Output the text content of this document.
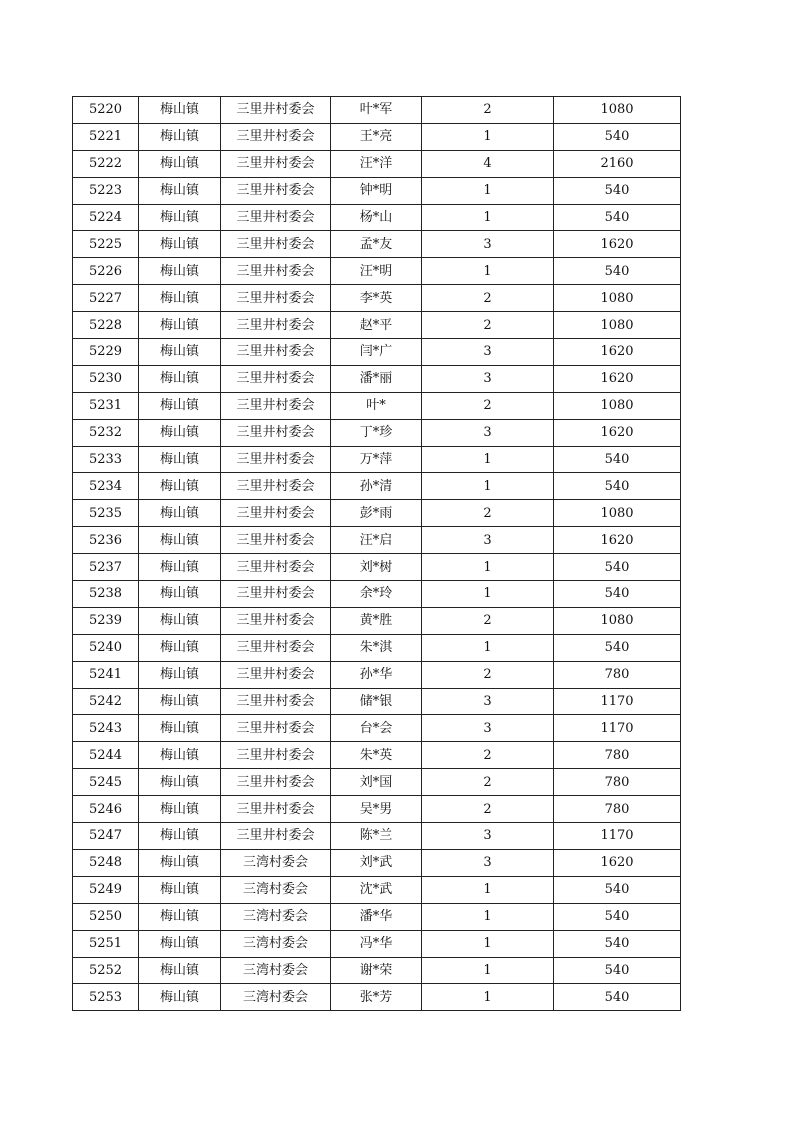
5220	梅山镇	三里井村委会	叶*军	2	1080
5221	梅山镇	三里井村委会	王*亮	1	540
5222	梅山镇	三里井村委会	汪*洋	4	2160
5223	梅山镇	三里井村委会	钟*明	1	540
5224	梅山镇	三里井村委会	杨*山	1	540
5225	梅山镇	三里井村委会	孟*友	3	1620
5226	梅山镇	三里井村委会	汪*明	1	540
5227	梅山镇	三里井村委会	李*英	2	1080
5228	梅山镇	三里井村委会	赵*平	2	1080
5229	梅山镇	三里井村委会	闫*广	3	1620
5230	梅山镇	三里井村委会	潘*丽	3	1620
5231	梅山镇	三里井村委会	叶*	2	1080
5232	梅山镇	三里井村委会	丁*珍	3	1620
5233	梅山镇	三里井村委会	万*萍	1	540
5234	梅山镇	三里井村委会	孙*清	1	540
5235	梅山镇	三里井村委会	彭*雨	2	1080
5236	梅山镇	三里井村委会	汪*启	3	1620
5237	梅山镇	三里井村委会	刘*树	1	540
5238	梅山镇	三里井村委会	余*玲	1	540
5239	梅山镇	三里井村委会	黄*胜	2	1080
5240	梅山镇	三里井村委会	朱*淇	1	540
5241	梅山镇	三里井村委会	孙*华	2	780
5242	梅山镇	三里井村委会	储*银	3	1170
5243	梅山镇	三里井村委会	台*会	3	1170
5244	梅山镇	三里井村委会	朱*英	2	780
5245	梅山镇	三里井村委会	刘*国	2	780
5246	梅山镇	三里井村委会	吴*男	2	780
5247	梅山镇	三里井村委会	陈*兰	3	1170
5248	梅山镇	三湾村委会	刘*武	3	1620
5249	梅山镇	三湾村委会	沈*武	1	540
5250	梅山镇	三湾村委会	潘*华	1	540
5251	梅山镇	三湾村委会	冯*华	1	540
5252	梅山镇	三湾村委会	谢*荣	1	540
5253	梅山镇	三湾村委会	张*芳	1	540
